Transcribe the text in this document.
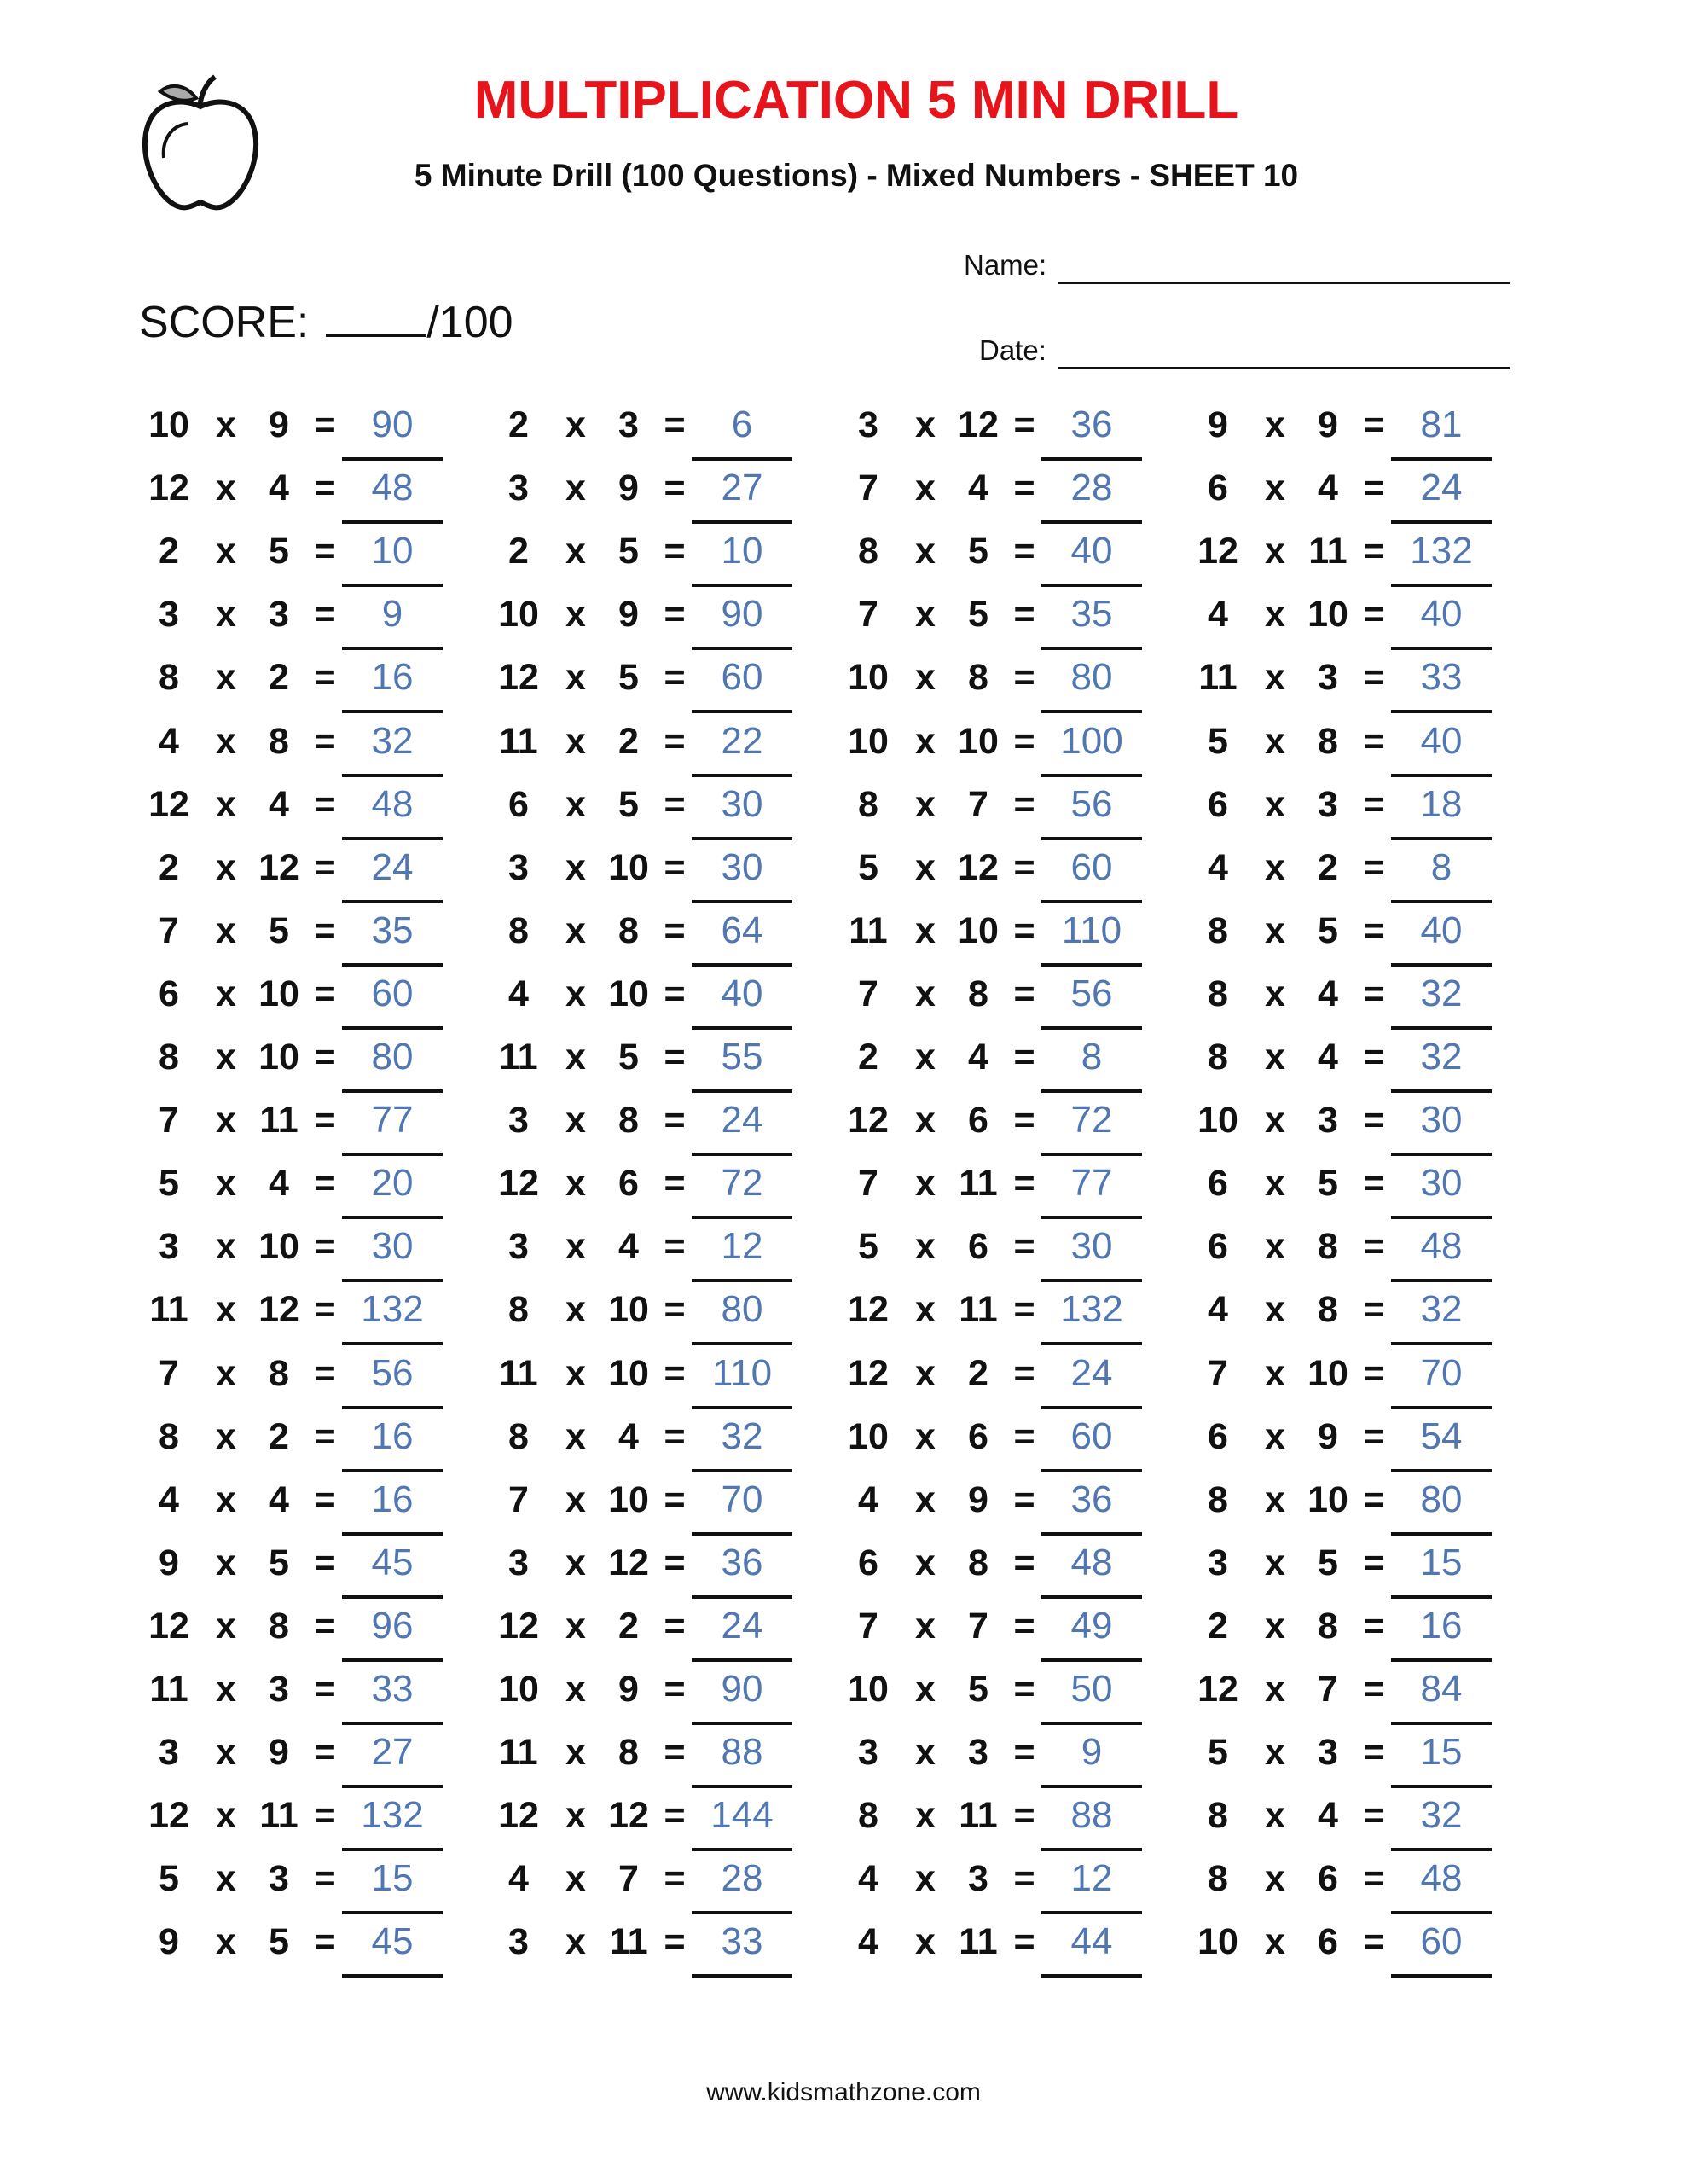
MULTIPLICATION 5 MIN DRILL
5 Minute Drill (100 Questions) - Mixed Numbers - SHEET 10
SCORE:	/100
Name:
Date:
10 x 9 = 90
12 x 4 = 48
2	x 5 = 10
3	x 3 =	9
8	x 2 = 16
4	x 8 = 32
12 x 4 = 48
2	x 12 = 24
7	x 5 = 35
6	x 10 = 60
8	x 10 = 80
7	x 11 = 77
5	x 4 = 20
3	x 10 = 30
11 x 12 = 132
7	x 8 = 56
8	x 2 = 16
4	x 4 = 16
9	x 5 = 45
12 x 8 = 96
11 x 3 = 33
3	x 9 = 27
12 x 11 = 132
5	x 3 = 15
9	x 5 = 45
2	x 3 =	6
3	x 9 = 27
2	x 5 = 10
10 x 9 = 90
12 x 5 = 60
11 x 2 = 22
6	x 5 = 30
3	x 10 = 30
8	x 8 = 64
4	x 10 = 40
11 x 5 = 55
3	x 8 = 24
12 x 6 = 72
3	x 4 = 12
8	x 10 = 80
11 x 10 = 110
8	x 4 = 32
7	x 10 = 70
3	x 12 = 36
12 x 2 = 24
10 x 9 = 90
11 x 8 = 88
12 x 12 = 144
4	x 7 = 28
3	x 11 = 33
3	x 12 = 36
7	x 4 = 28
8	x 5 = 40
7	x 5 = 35
10 x 8 = 80
10 x 10 = 100
8	x 7 = 56
5	x 12 = 60
11 x 10 = 110
7	x 8 = 56
2	x 4 =	8
12 x 6 = 72
7	x 11 = 77
5	x 6 = 30
12 x 11 = 132
12 x 2 = 24
10 x 6 = 60
4	x 9 = 36
6	x 8 = 48
7	x 7 = 49
10 x 5 = 50
3	x 3 =	9
8	x 11 = 88
4	x 3 = 12
4	x 11 = 44
9	x 9 = 81
6	x 4 = 24
12 x 11 = 132
4	x 10 = 40
11 x 3 = 33
5	x 8 = 40
6	x 3 = 18
4	x 2 =	8
8	x 5 = 40
8	x 4 = 32
8	x 4 = 32
10 x 3 = 30
6	x 5 = 30
6	x 8 = 48
4	x 8 = 32
7	x 10 = 70
6	x 9 = 54
8	x 10 = 80
3	x 5 = 15
2	x 8 = 16
12 x 7 = 84
5	x 3 = 15
8	x 4 = 32
8	x 6 = 48
10 x 6 = 60
www.kidsmathzone.com
